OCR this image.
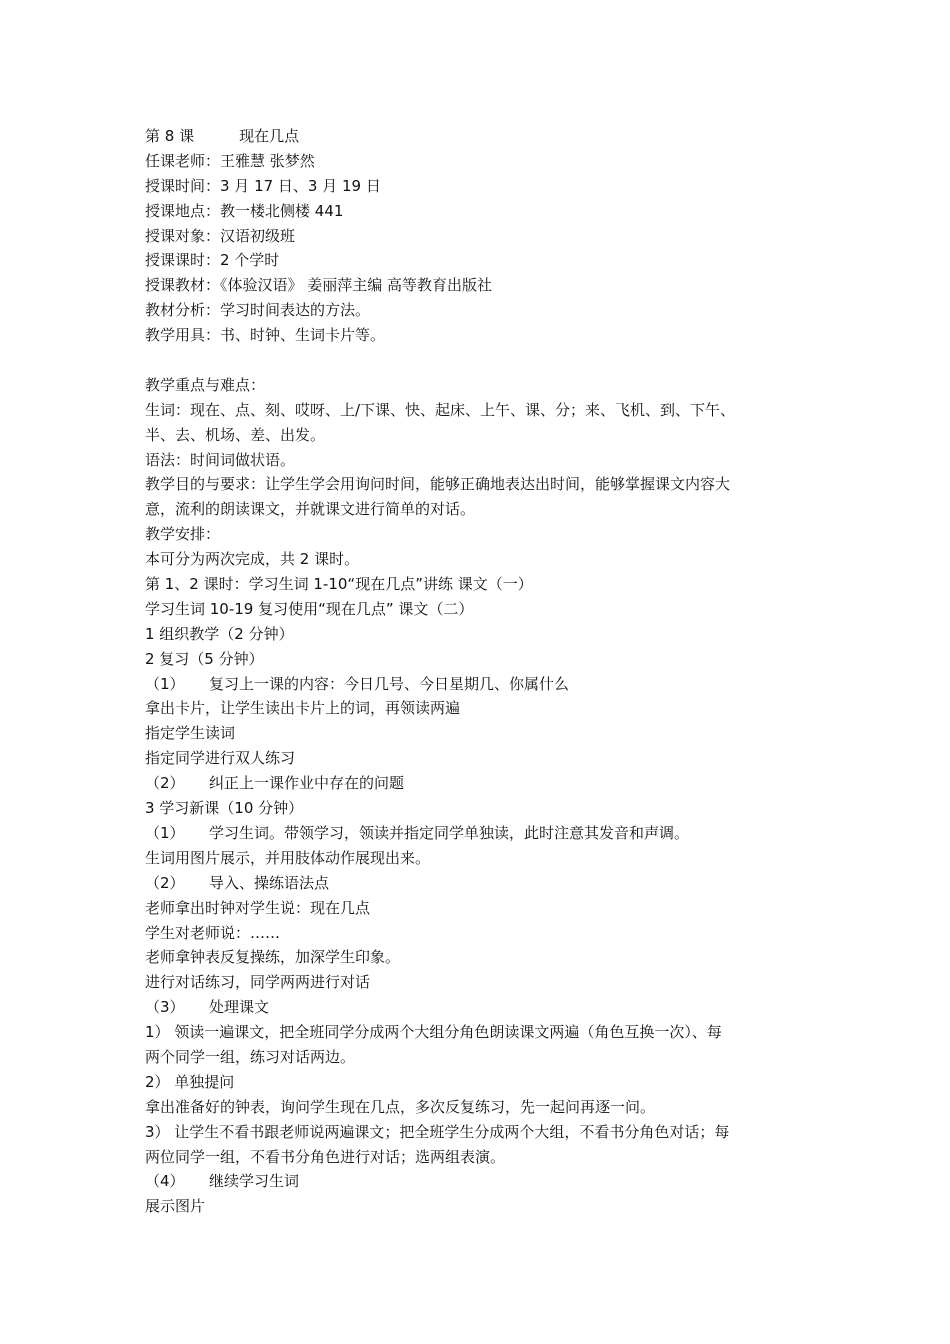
第 8 课	现在几点
任课老师：王雅慧 张梦然
授课时间：3 月 17 日、3 月 19 日
授课地点：教一楼北侧楼 441
授课对象：汉语初级班
授课课时：2 个学时
授课教材：《体验汉语》 姜丽萍主编 高等教育出版社
教材分析：学习时间表达的方法。
教学用具：书、时钟、生词卡片等。
教学重点与难点：
生词：现在、点、刻、哎呀、上/下课、快、起床、上午、课、分；来、飞机、到、下午、
半、去、机场、差、出发。
语法：时间词做状语。
教学目的与要求：让学生学会用询问时间，能够正确地表达出时间，能够掌握课文内容大
意，流利的朗读课文，并就课文进行简单的对话。
教学安排：
本可分为两次完成，共 2 课时。
第 1、2 课时：学习生词 1-10“现在几点”讲练 课文（一）
学习生词 10-19 复习使用“现在几点” 课文（二）
1 组织教学（2 分钟）
2 复习（5 分钟）
（1） 复习上一课的内容：今日几号、今日星期几、你属什么
拿出卡片，让学生读出卡片上的词，再领读两遍
指定学生读词
指定同学进行双人练习
（2） 纠正上一课作业中存在的问题
3 学习新课（10 分钟）
（1） 学习生词。带领学习，领读并指定同学单独读，此时注意其发音和声调。
生词用图片展示，并用肢体动作展现出来。
（2） 导入、操练语法点
老师拿出时钟对学生说：现在几点
学生对老师说：……
老师拿钟表反复操练，加深学生印象。
进行对话练习，同学两两进行对话
（3） 处理课文
1） 领读一遍课文，把全班同学分成两个大组分角色朗读课文两遍（角色互换一次）、每
两个同学一组，练习对话两边。
2） 单独提问
拿出准备好的钟表，询问学生现在几点，多次反复练习，先一起问再逐一问。
3） 让学生不看书跟老师说两遍课文；把全班学生分成两个大组，不看书分角色对话；每
两位同学一组，不看书分角色进行对话；选两组表演。
（4） 继续学习生词
展示图片
